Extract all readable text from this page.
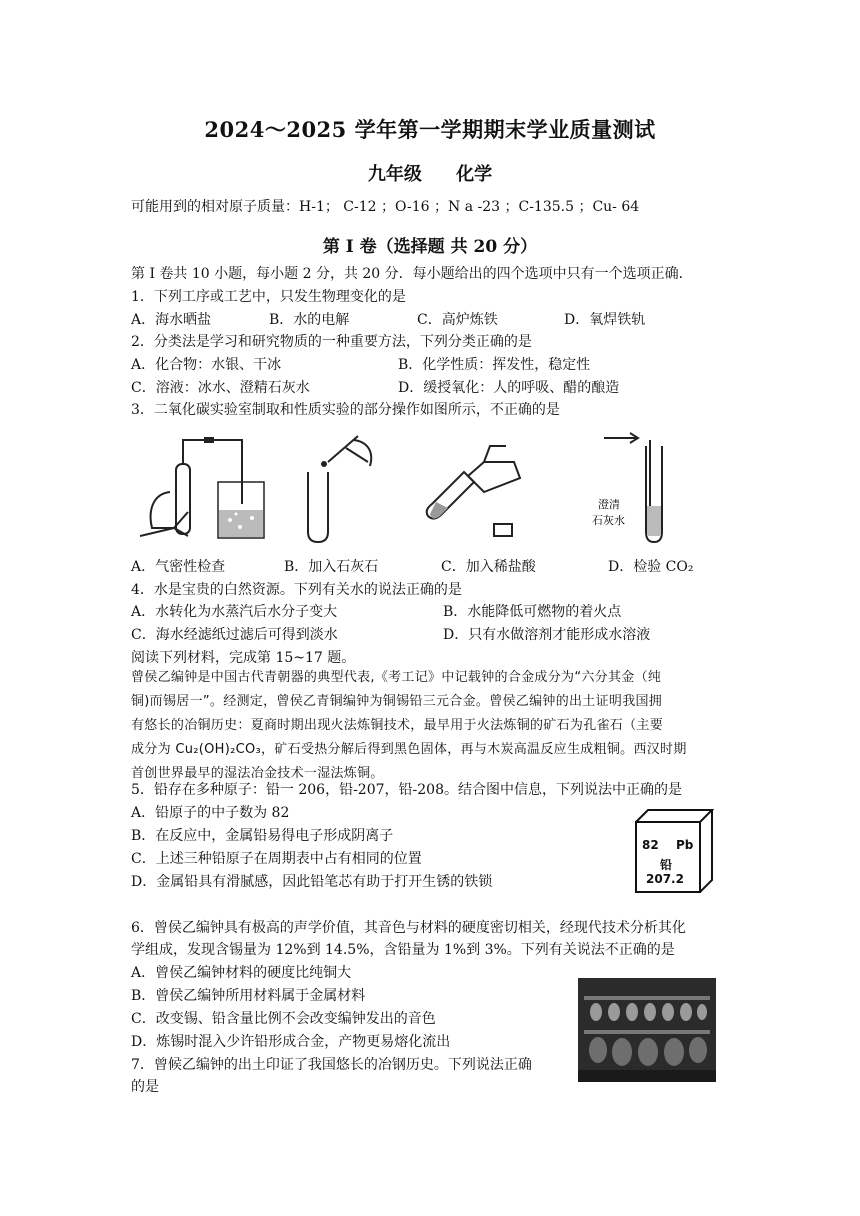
2024～2025 学年第一学期期末学业质量测试
九年级 化学
可能用到的相对原子质量：H-1； C-12 ；O-16 ；N a -23 ；C-135.5 ；Cu- 64
第 I 卷（选择题 共 20 分）
第 I 卷共 10 小题，每小题 2 分，共 20 分．每小题给出的四个选项中只有一个选项正确．
1．下列工序或工艺中，只发生物理变化的是
A．海水晒盐	B．水的电解	C．高炉炼铁	D．氧焊铁轨
2．分类法是学习和研究物质的一种重要方法，下列分类正确的是
A．化合物：水银、干冰	B．化学性质：挥发性，稳定性
C．溶液：冰水、澄精石灰水	D．缓授氧化：人的呼吸、醋的酿造
3．二氧化碳实验室制取和性质实验的部分操作如图所示，不正确的是
澄清
石灰水
A．气密性检查	B．加入石灰石	C．加入稀盐酸	D．检验 CO₂
4．水是宝贵的白然资源。下列有关水的说法正确的是
A．水转化为水蒸汽后水分子变大	B．水能降低可燃物的着火点
C．海水经滤纸过滤后可得到淡水	D．只有水做溶剂才能形成水溶液
阅读下列材料，完成第 15~17 题。
曾侯乙编钟是中国古代青朝器的典型代表,《考工记》中记载钟的合金成分为“六分其金（纯
铜)而锡居一”。经测定，曾侯乙青铜编钟为铜锡铅三元合金。曾侯乙编钟的出土证明我国拥
有悠长的冶铜历史：夏商时期出现火法炼铜技术，最早用于火法炼铜的矿石为孔雀石（主要
成分为 Cu₂(OH)₂CO₃，矿石受热分解后得到黑色固体，再与木炭高温反应生成粗铜。西汉时期
首创世界最早的湿法冶金技术一湿法炼铜。
5．铅存在多种原子：铅一 206，铅-207，铅-208。结合图中信息，下列说法中正确的是
A．铅原子的中子数为 82
B．在反应中，金属铅易得电子形成阴离子
C．上述三种铅原子在周期表中占有相同的位置
D．金属铅具有滑腻感，因此铅笔芯有助于打开生锈的铁锁
82 Pb
铅
207.2
6．曾侯乙编钟具有极高的声学价值，其音色与材料的硬度密切相关，经现代技术分析其化
学组成，发现含锡量为 12%到 14.5%，含铅量为 1%到 3%。下列有关说法不正确的是
A．曾侯乙编钟材料的硬度比纯铜大
B．曾侯乙编钟所用材料属于金属材料
C．改变锡、铅含量比例不会改变编钟发出的音色
D．炼锡时混入少许铅形成合金，产物更易熔化流出
7．曾候乙编钟的出土印证了我国悠长的冶钢历史。下列说法正确
的是
